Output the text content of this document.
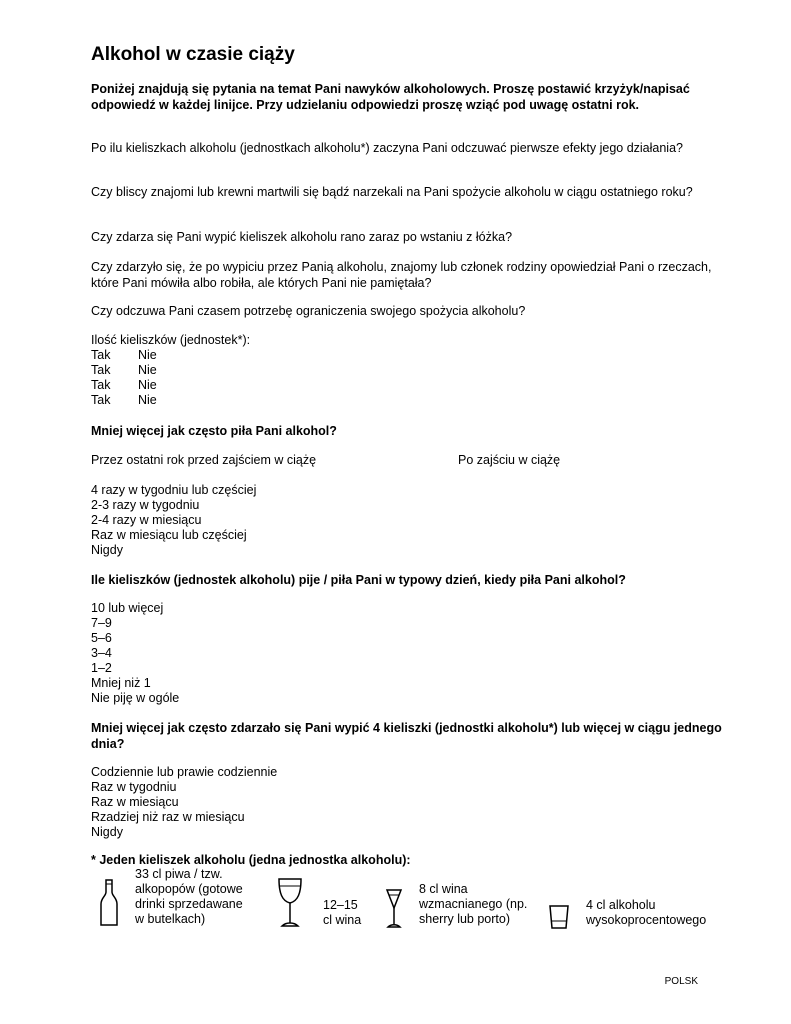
Alkohol w czasie ciąży
Poniżej znajdują się pytania na temat Pani nawyków alkoholowych. Proszę postawić krzyżyk/napisać odpowiedź w każdej linijce. Przy udzielaniu odpowiedzi proszę wziąć pod uwagę ostatni rok.
Po ilu kieliszkach alkoholu (jednostkach alkoholu*) zaczyna Pani odczuwać pierwsze efekty jego działania?
Czy bliscy znajomi lub krewni martwili się bądź narzekali na Pani spożycie alkoholu w ciągu ostatniego roku?
Czy zdarza się Pani wypić kieliszek alkoholu rano zaraz po wstaniu z łóżka?
Czy zdarzyło się, że po wypiciu przez Panią alkoholu, znajomy lub członek rodziny opowiedział Pani o rzeczach, które Pani mówiła albo robiła, ale których Pani nie pamiętała?
Czy odczuwa Pani czasem potrzebę ograniczenia swojego spożycia alkoholu?
Ilość kieliszków (jednostek*):
Tak	Nie
Tak	Nie
Tak	Nie
Tak	Nie
Mniej więcej jak często piła Pani alkohol?
Przez ostatni rok przed zajściem w ciążę	Po zajściu w ciążę
4 razy w tygodniu lub częściej
2-3 razy w tygodniu
2-4 razy w miesiącu
Raz w miesiącu lub częściej
Nigdy
Ile kieliszków (jednostek alkoholu) pije / piła Pani w typowy dzień, kiedy piła Pani alkohol?
10 lub więcej
7–9
5–6
3–4
1–2
Mniej niż 1
Nie piję w ogóle
Mniej więcej jak często zdarzało się Pani wypić 4 kieliszki (jednostki alkoholu*) lub więcej w ciągu jednego dnia?
Codziennie lub prawie codziennie
Raz w tygodniu
Raz w miesiącu
Rzadziej niż raz w miesiącu
Nigdy
* Jeden kieliszek alkoholu (jedna jednostka alkoholu):
33 cl piwa / tzw.
alkopopów (gotowe
drinki sprzedawane
w butelkach)
12–15
cl wina
8 cl wina
wzmacnianego (np.
sherry lub porto)
4 cl alkoholu
wysokoprocentowego
POLSK
